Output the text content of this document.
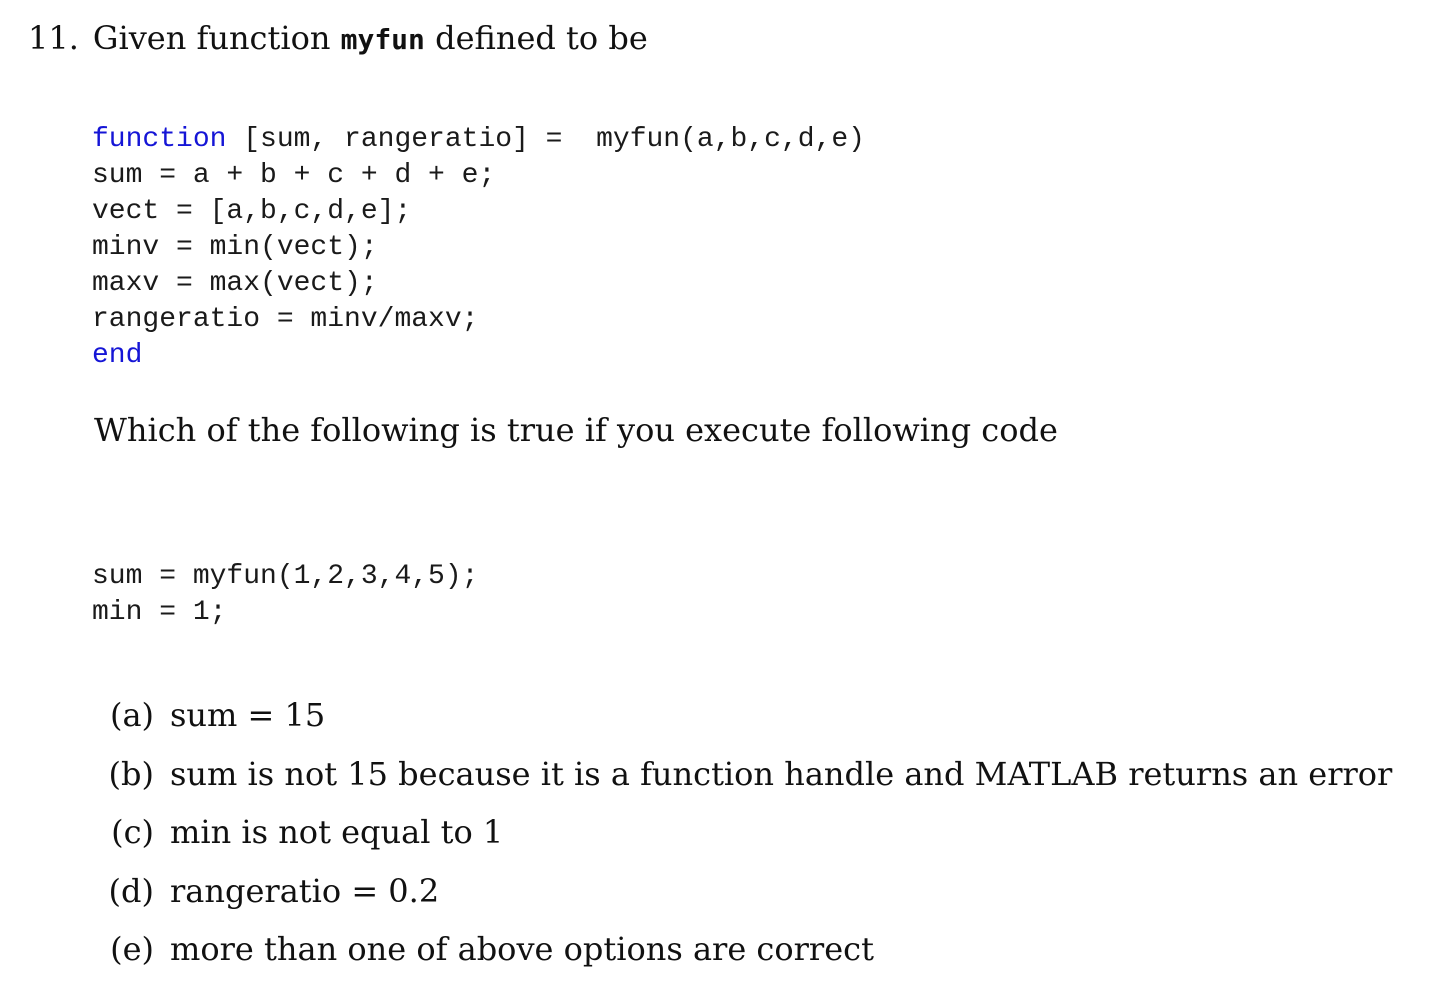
11. Given function myfun defined to be
function [sum, rangeratio] =  myfun(a,b,c,d,e)
sum = a + b + c + d + e;
vect = [a,b,c,d,e];
minv = min(vect);
maxv = max(vect);
rangeratio = minv/maxv;
end
Which of the following is true if you execute following code
sum = myfun(1,2,3,4,5);
min = 1;
(a) sum = 15
(b) sum is not 15 because it is a function handle and MATLAB returns an error
(c) min is not equal to 1
(d) rangeratio = 0.2
(e) more than one of above options are correct
